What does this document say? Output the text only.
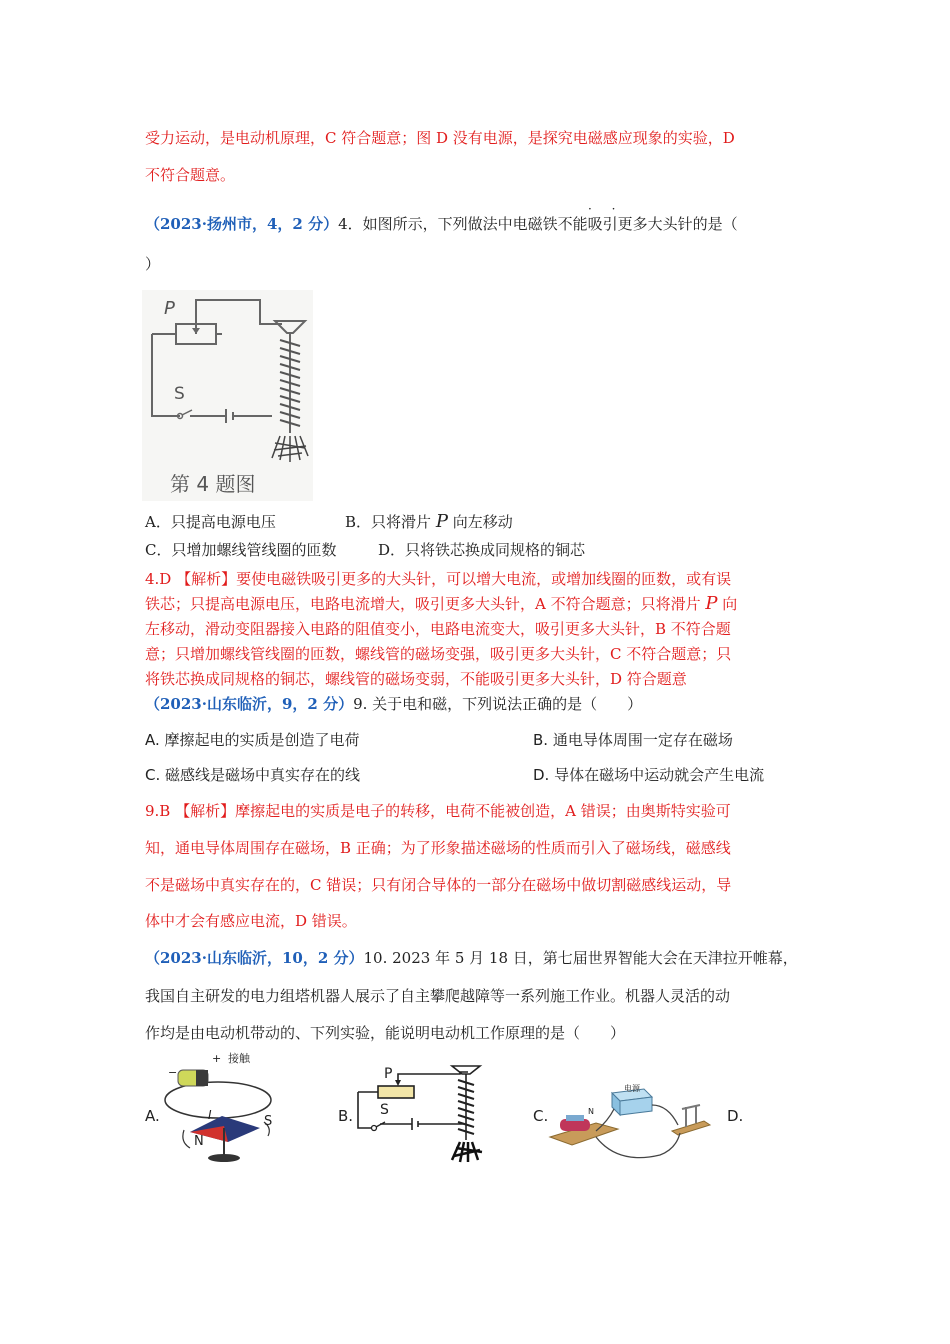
受力运动，是电动机原理，C 符合题意；图 D 没有电源，是探究电磁感应现象的实验，D
不符合题意。
（2023·扬州市，4，2 分）4．如图所示，下列做法中电磁铁不能吸引更多大头针的是（
· ·
）
P
S
第 4 题图
A．只提高电源电压	B．只将滑片 P 向左移动
C．只增加螺线管线圈的匝数	D．只将铁芯换成同规格的铜芯
4.D 【解析】要使电磁铁吸引更多的大头针，可以增大电流，或增加线圈的匝数，或有误
铁芯；只提高电源电压，电路电流增大，吸引更多大头针，A 不符合题意；只将滑片 P 向
左移动，滑动变阻器接入电路的阻值变小，电路电流变大，吸引更多大头针，B 不符合题
意；只增加螺线管线圈的匝数，螺线管的磁场变强，吸引更多大头针，C 不符合题意；只
将铁芯换成同规格的铜芯，螺线管的磁场变弱，不能吸引更多大头针，D 符合题意
（2023·山东临沂，9，2 分）9. 关于电和磁，下列说法正确的是（　　）
A. 摩擦起电的实质是创造了电荷	B. 通电导体周围一定存在磁场
C. 磁感线是磁场中真实存在的线	D. 导体在磁场中运动就会产生电流
9.B 【解析】摩擦起电的实质是电子的转移，电荷不能被创造，A 错误；由奥斯特实验可
知，通电导体周围存在磁场，B 正确；为了形象描述磁场的性质而引入了磁场线，磁感线
不是磁场中真实存在的，C 错误；只有闭合导体的一部分在磁场中做切割磁感线运动，导
体中才会有感应电流，D 错误。
（2023·山东临沂，10，2 分）10. 2023 年 5 月 18 日，第七届世界智能大会在天津拉开帷幕，
我国自主研发的电力组塔机器人展示了自主攀爬越障等一系列施工作业。机器人灵活的动
作均是由电动机带动的、下列实验，能说明电动机工作原理的是（　　）
A.
接触
+
−
I
N
S	B.
P
S	C.
电源
N	D.
